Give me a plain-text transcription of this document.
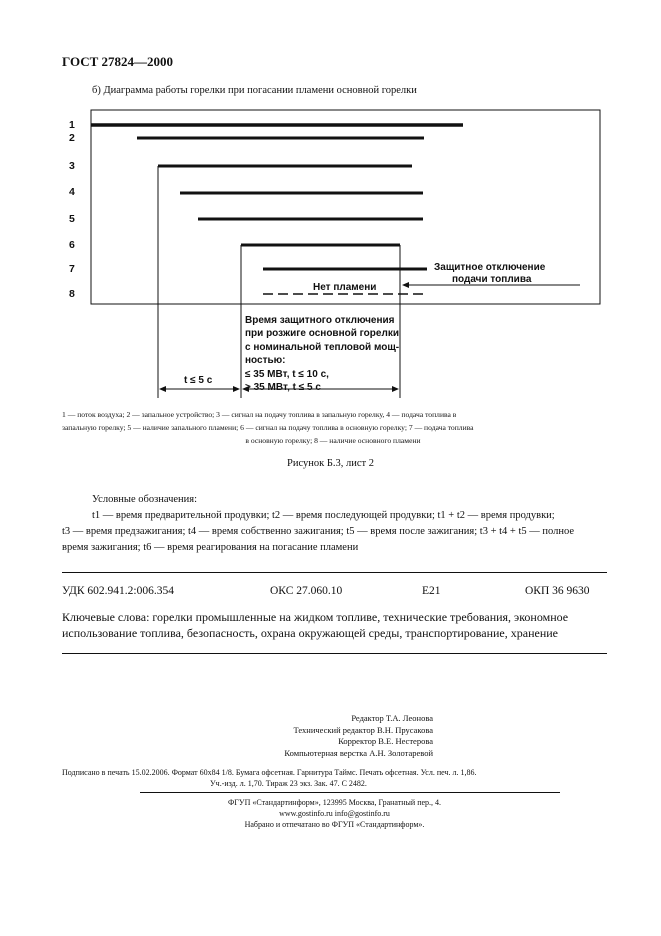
ГОСТ 27824—2000
б) Диаграмма работы горелки при погасании пламени основной горелки
1
2
3
4
5
6
7
8
Защитное отключение
подачи топлива
Нет пламени
Время защитного отключения
при розжиге основной горелки
с номинальной тепловой мощ-
ностью:
≤ 35 МВт, t ≤ 10 с,
> 35 МВт, t ≤ 5 с
t ≤ 5 с
1 — поток воздуха; 2 — запальное устройство; 3 — сигнал на подачу топлива в запальную горелку, 4 — подача топлива в
запальную горелку; 5 — наличие запального пламени; 6 — сигнал на подачу топлива в основную горелку; 7 — подача топлива
в основную горелку; 8 — наличие основного пламени
Рисунок Б.3, лист 2
Условные обозначения:
t1 — время предварительной продувки; t2 — время последующей продувки; t1 + t2 — время продувки;
t3 — время предзажигания; t4 — время собственно зажигания; t5 — время после зажигания; t3 + t4 + t5 — полное
время зажигания; t6 — время реагирования на погасание пламени
УДК 602.941.2:006.354	ОКС 27.060.10	Е21	ОКП 36 9630
Ключевые слова: горелки промышленные на жидком топливе, технические требования, экономное использование топлива, безопасность, охрана окружающей среды, транспортирование, хранение
Редактор Т.А. Леонова
Технический редактор В.Н. Прусакова
Корректор В.Е. Нестерова
Компьютерная верстка А.Н. Золотаревой
Подписано в печать 15.02.2006. Формат 60x84 1/8. Бумага офсетная. Гарнитура Таймс. Печать офсетная. Усл. печ. л. 1,86.
Уч.-изд. л. 1,70. Тираж 23 экз. Зак. 47. С 2482.
ФГУП «Стандартинформ», 123995 Москва, Гранатный пер., 4.
www.gostinfo.ru info@gostinfo.ru
Набрано и отпечатано во ФГУП «Стандартинформ».
